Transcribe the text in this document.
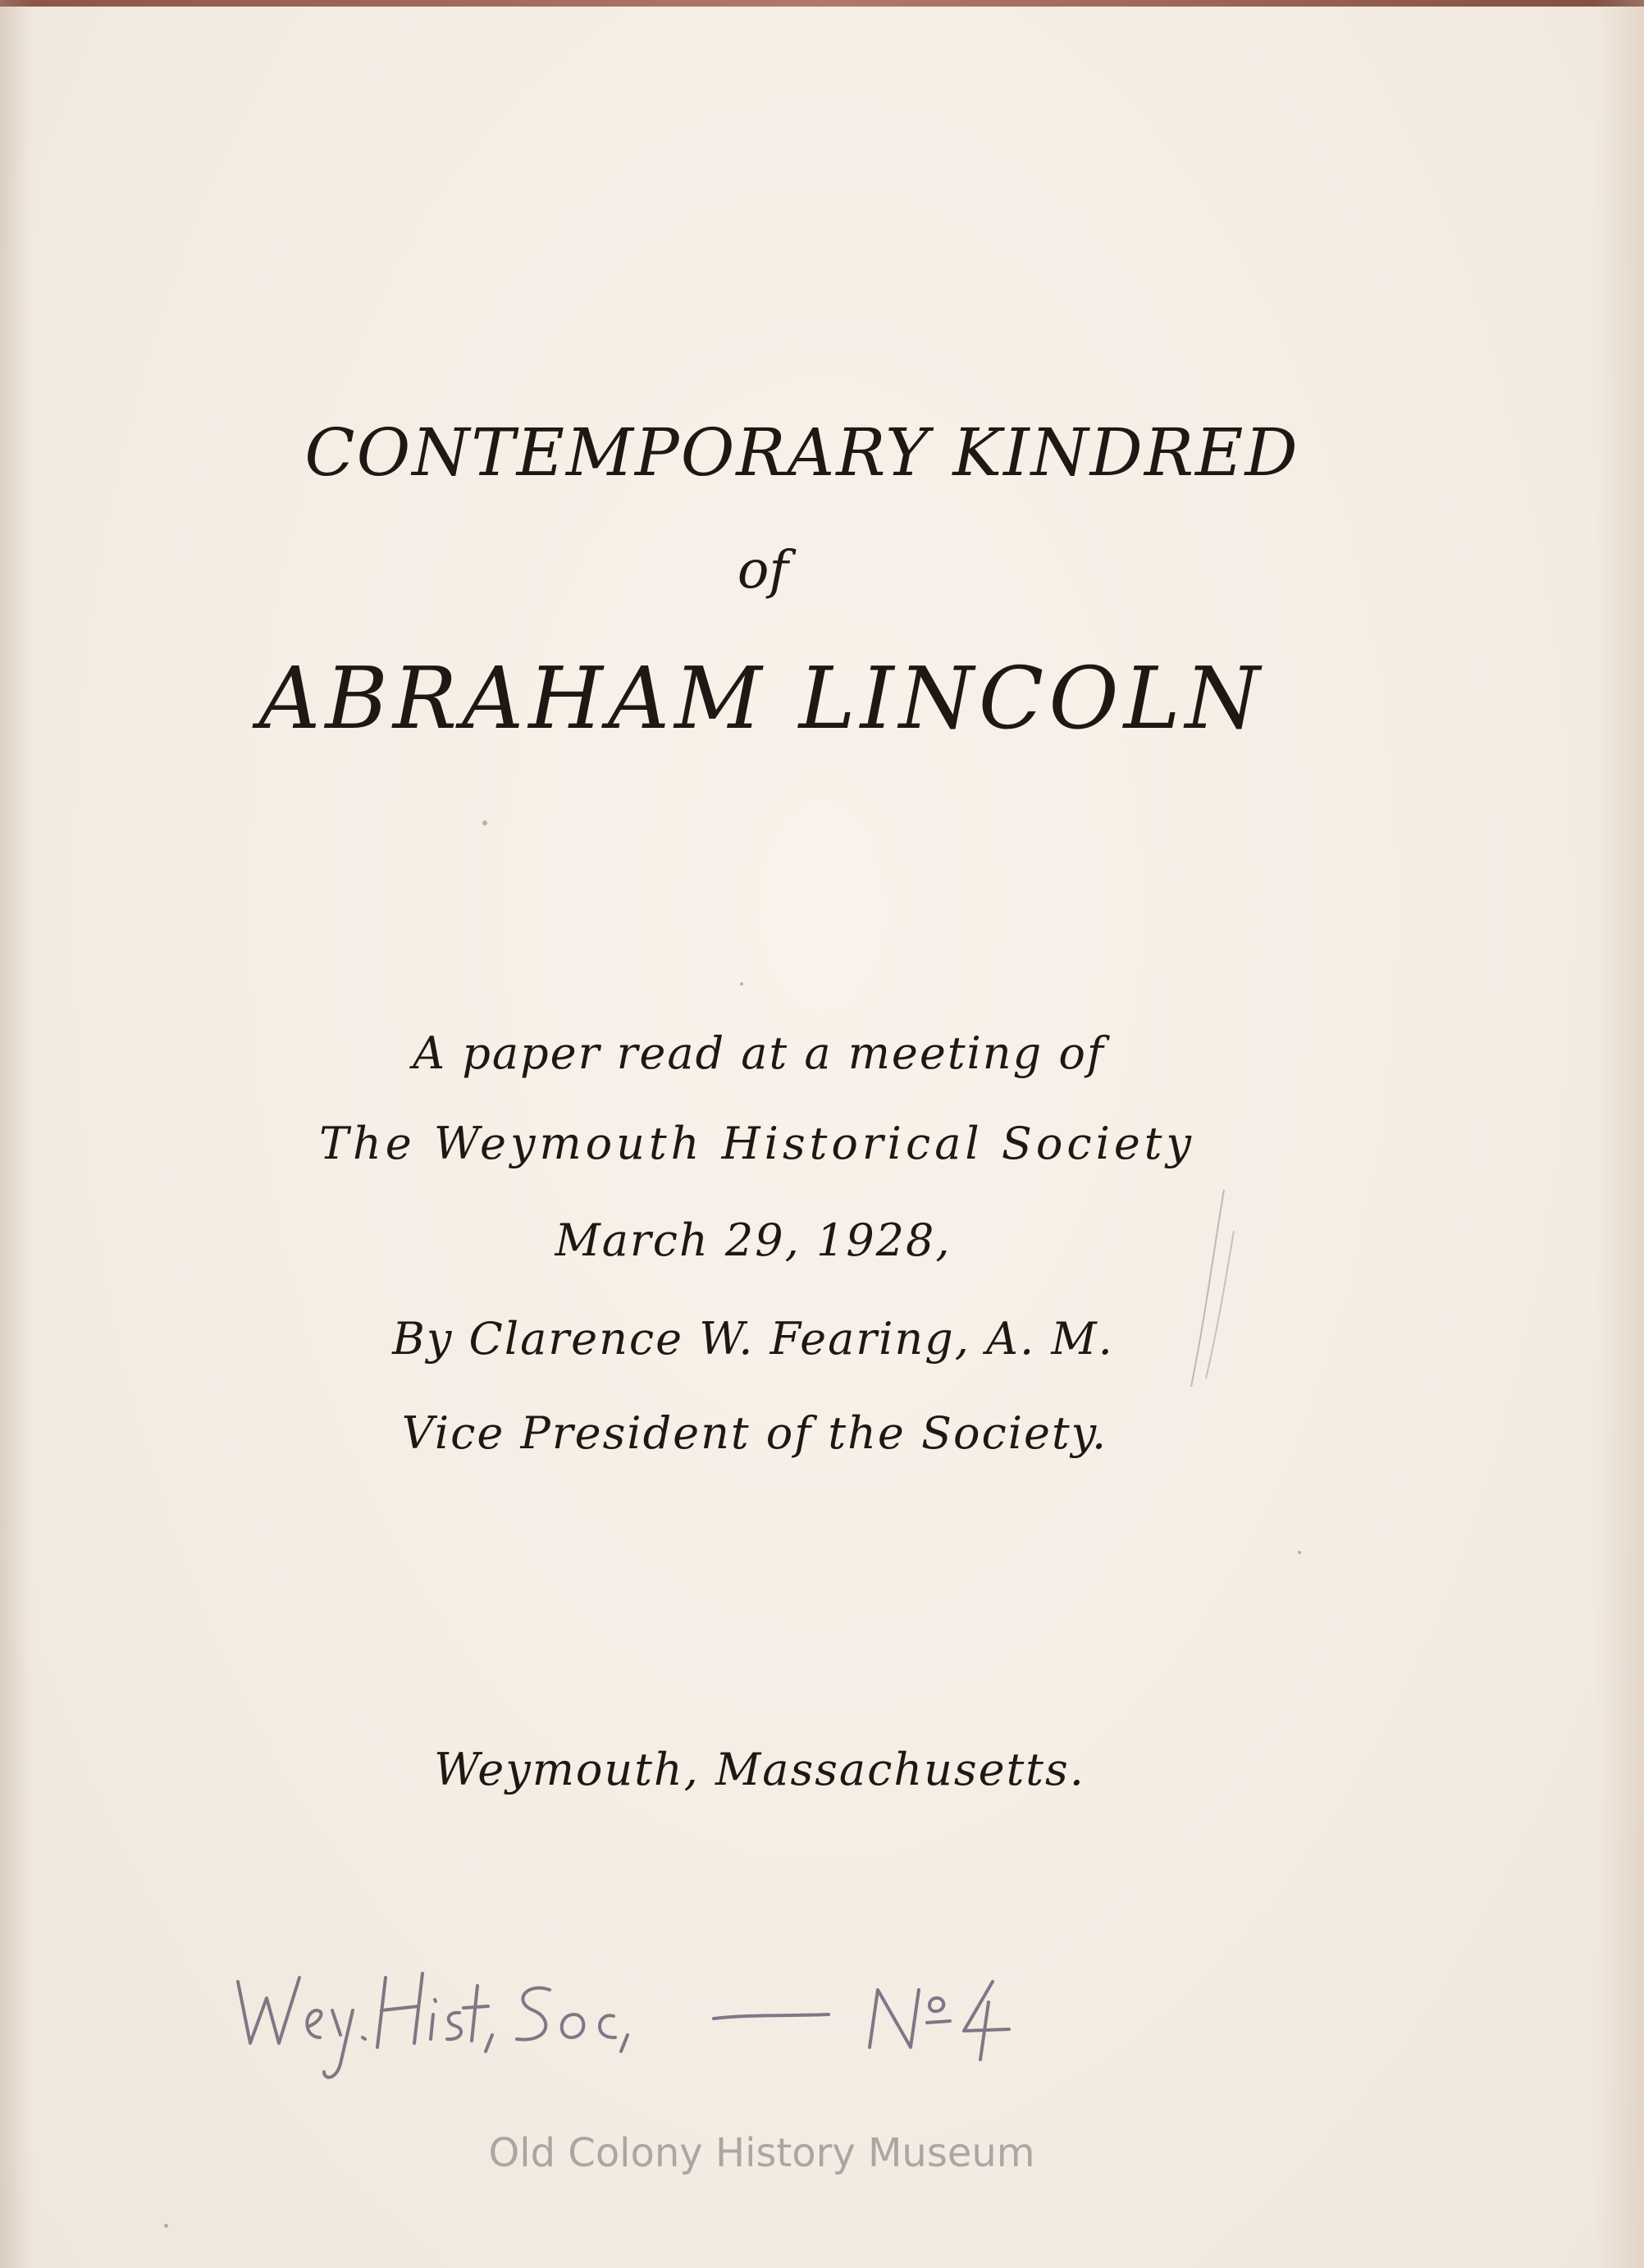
CONTEMPORARY KINDRED
of
ABRAHAM LINCOLN
A paper read at a meeting of
The Weymouth Historical Society
March 29, 1928,
By Clarence W. Fearing, A. M.
Vice President of the Society.
Weymouth, Massachusetts.
Old Colony History Museum
